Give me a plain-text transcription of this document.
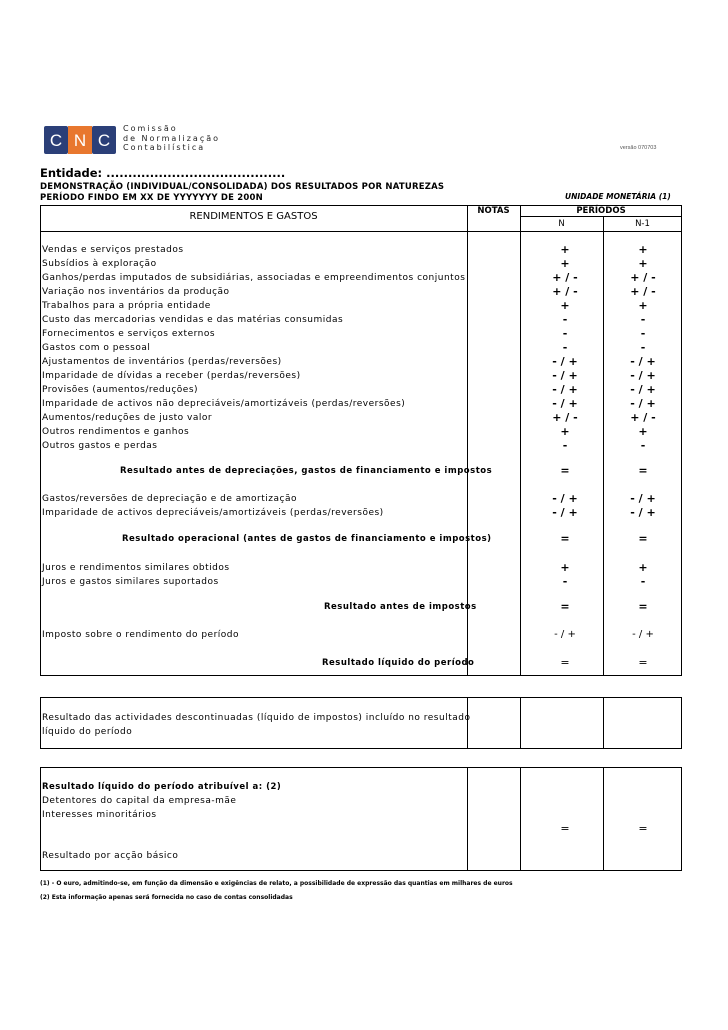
C N C
Comissão
de Normalização
Contabilística	versão 070703
Entidade: .........................................
DEMONSTRAÇÃO (INDIVIDUAL/CONSOLIDADA) DOS RESULTADOS POR NATUREZAS
PERÍODO FINDO EM XX DE YYYYYYY DE 200N	UNIDADE MONETÁRIA (1)
RENDIMENTOS E GASTOS	NOTAS	PERÍODOS
N	N-1
Vendas e serviços prestados	+	+
Subsídios à exploração	+	+
Ganhos/perdas imputados de subsidiárias, associadas e empreendimentos conjuntos	+ / -	+ / -
Variação nos inventários da produção	+ / -	+ / -
Trabalhos para a própria entidade	+	+
Custo das mercadorias vendidas e das matérias consumidas	-	-
Fornecimentos e serviços externos	-	-
Gastos com o pessoal	-	-
Ajustamentos de inventários (perdas/reversões)	- / +	- / +
Imparidade de dívidas a receber (perdas/reversões)	- / +	- / +
Provisões (aumentos/reduções)	- / +	- / +
Imparidade de activos não depreciáveis/amortizáveis (perdas/reversões)	- / +	- / +
Aumentos/reduções de justo valor	+ / -	+ / -
Outros rendimentos e ganhos	+	+
Outros gastos e perdas	-	-
Resultado antes de depreciações, gastos de financiamento e impostos	=	=
Gastos/reversões de depreciação e de amortização	- / +	- / +
Imparidade de activos depreciáveis/amortizáveis (perdas/reversões)	- / +	- / +
Resultado operacional (antes de gastos de financiamento e impostos)	=	=
Juros e rendimentos similares obtidos	+	+
Juros e gastos similares suportados	-	-
Resultado antes de impostos	=	=
Imposto sobre o rendimento do período	- / +	- / +
Resultado líquido do período	=	=
Resultado das actividades descontinuadas (líquido de impostos) incluído no resultado
líquido do período
Resultado líquido do período atribuível a: (2)
Detentores do capital da empresa-mãe
Interesses minoritários
=	=
Resultado por acção básico
(1) - O euro, admitindo-se, em função da dimensão e exigências de relato, a possibilidade de expressão das quantias em milhares de euros
(2) Esta informação apenas será fornecida no caso de contas consolidadas
